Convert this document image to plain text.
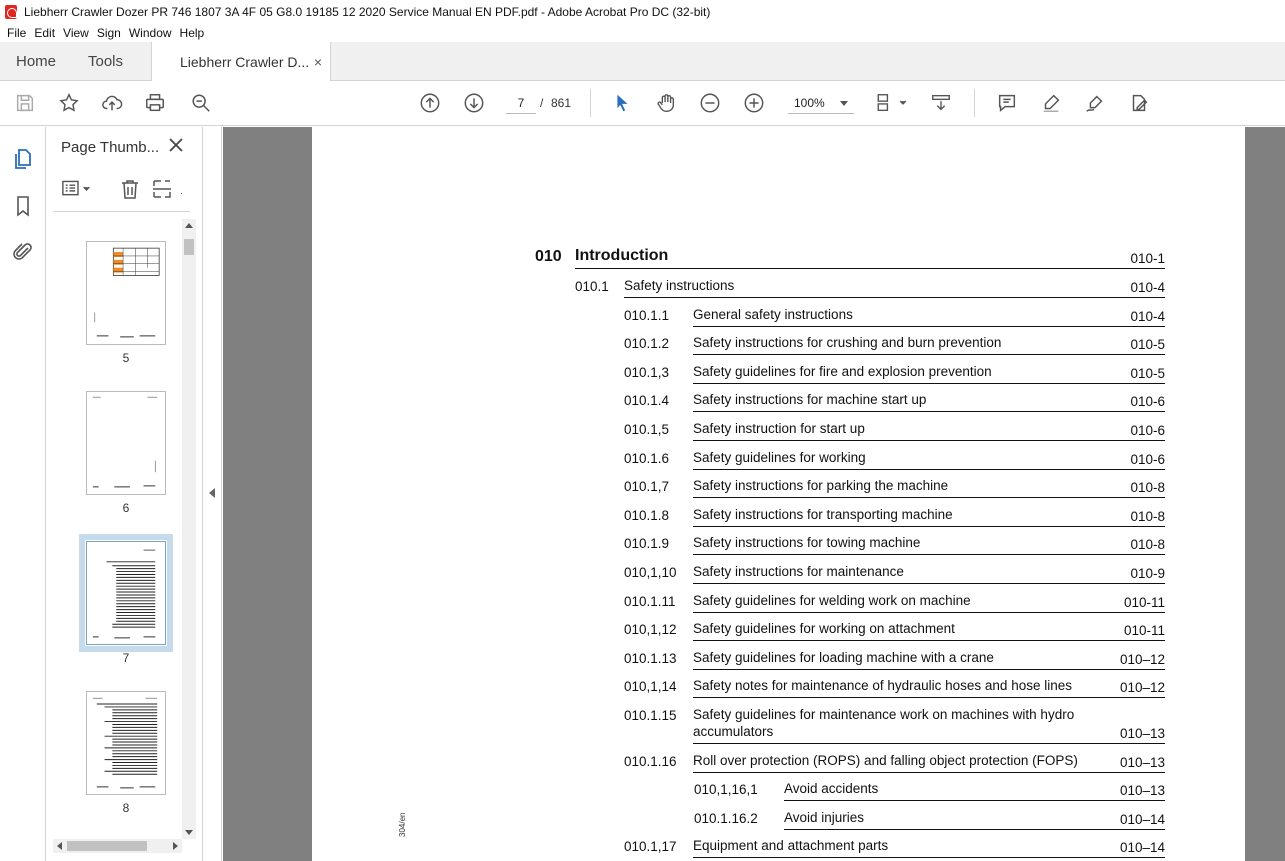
Liebherr Crawler Dozer PR 746 1807 3A 4F 05 G8.0 19185 12 2020 Service Manual EN PDF.pdf - Adobe Acrobat Pro DC (32-bit)
File Edit View Sign Window Help
Home Tools	Liebherr Crawler D... ×
7
/ 861	100%
Page Thumb...
.
5
6
7
8
304/en
010 Introduction	010-1
010.1 Safety instructions	010-4
010.1.1 General safety instructions	010-4
010.1.2 Safety instructions for crushing and burn prevention	010-5
010.1,3 Safety guidelines for fire and explosion prevention	010-5
010.1.4 Safety instructions for machine start up	010-6
010.1,5 Safety instruction for start up	010-6
010.1.6 Safety guidelines for working	010-6
010.1,7 Safety instructions for parking the machine	010-8
010.1.8 Safety instructions for transporting machine	010-8
010.1.9 Safety instructions for towing machine	010-8
010,1,10 Safety instructions for maintenance	010-9
010.1.11 Safety guidelines for welding work on machine	010-11
010,1,12 Safety guidelines for working on attachment	010-11
010.1.13 Safety guidelines for loading machine with a crane	010–12
010,1,14 Safety notes for maintenance of hydraulic hoses and hose lines	010–12
010.1.15 Safety guidelines for maintenance work on machines with hydro
accumulators	010–13
010.1.16 Roll over protection (ROPS) and falling object protection (FOPS)	010–13
010,1,16,1 Avoid accidents	010–13
010.1.16.2 Avoid injuries	010–14
010.1,17 Equipment and attachment parts	010–14
